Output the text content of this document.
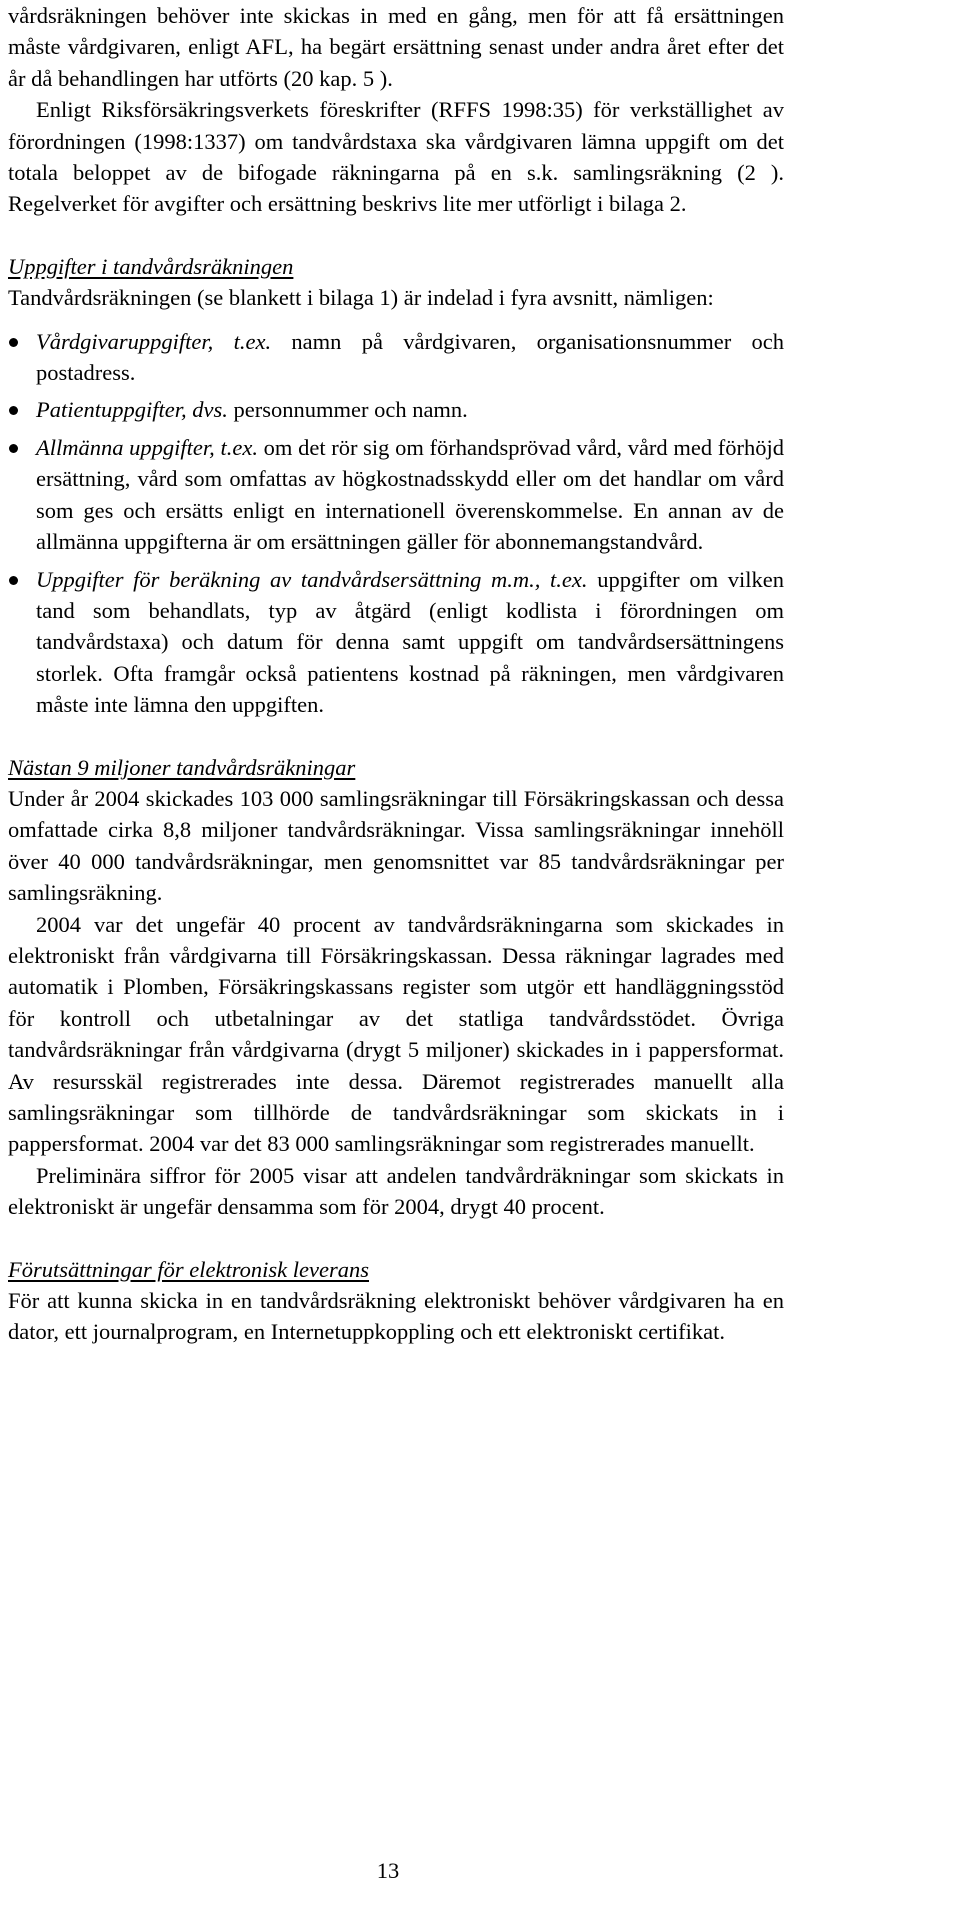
vårdsräkningen behöver inte skickas in med en gång, men för att få ersättningen måste vårdgivaren, enligt AFL, ha begärt ersättning senast under andra året efter det år då behandlingen har utförts (20 kap. 5 ).

Enligt Riksförsäkringsverkets föreskrifter (RFFS 1998:35) för verkställighet av förordningen (1998:1337) om tandvårdstaxa ska vårdgivaren lämna uppgift om det totala beloppet av de bifogade räkningarna på en s.k. samlingsräkning (2 ). Regelverket för avgifter och ersättning beskrivs lite mer utförligt i bilaga 2.

Uppgifter i tandvårdsräkningen

Tandvårdsräkningen (se blankett i bilaga 1) är indelad i fyra avsnitt, nämligen:

Vårdgivaruppgifter, t.ex. namn på vårdgivaren, organisationsnummer och postadress.
Patientuppgifter, dvs. personnummer och namn.
Allmänna uppgifter, t.ex. om det rör sig om förhandsprövad vård, vård med förhöjd ersättning, vård som omfattas av högkostnadsskydd eller om det handlar om vård som ges och ersätts enligt en internationell överenskommelse. En annan av de allmänna uppgifterna är om ersättningen gäller för abonnemangstandvård.
Uppgifter för beräkning av tandvårdsersättning m.m., t.ex. uppgifter om vilken tand som behandlats, typ av åtgärd (enligt kodlista i förordningen om tandvårdstaxa) och datum för denna samt uppgift om tandvårdsersättningens storlek. Ofta framgår också patientens kostnad på räkningen, men vårdgivaren måste inte lämna den uppgiften.

Nästan 9 miljoner tandvårdsräkningar

Under år 2004 skickades 103 000 samlingsräkningar till Försäkringskassan och dessa omfattade cirka 8,8 miljoner tandvårdsräkningar. Vissa samlingsräkningar innehöll över 40 000 tandvårdsräkningar, men genomsnittet var 85 tandvårdsräkningar per samlingsräkning.

2004 var det ungefär 40 procent av tandvårdsräkningarna som skickades in elektroniskt från vårdgivarna till Försäkringskassan. Dessa räkningar lagrades med automatik i Plomben, Försäkringskassans register som utgör ett handläggningsstöd för kontroll och utbetalningar av det statliga tandvårdsstödet. Övriga tandvårdsräkningar från vårdgivarna (drygt 5 miljoner) skickades in i pappersformat. Av resursskäl registrerades inte dessa. Däremot registrerades manuellt alla samlingsräkningar som tillhörde de tandvårdsräkningar som skickats in i pappersformat. 2004 var det 83 000 samlingsräkningar som registrerades manuellt.

Preliminära siffror för 2005 visar att andelen tandvårdräkningar som skickats in elektroniskt är ungefär densamma som för 2004, drygt 40 procent.

Förutsättningar för elektronisk leverans

För att kunna skicka in en tandvårdsräkning elektroniskt behöver vårdgivaren ha en dator, ett journalprogram, en Internetuppkoppling och ett elektroniskt certifikat.

13
